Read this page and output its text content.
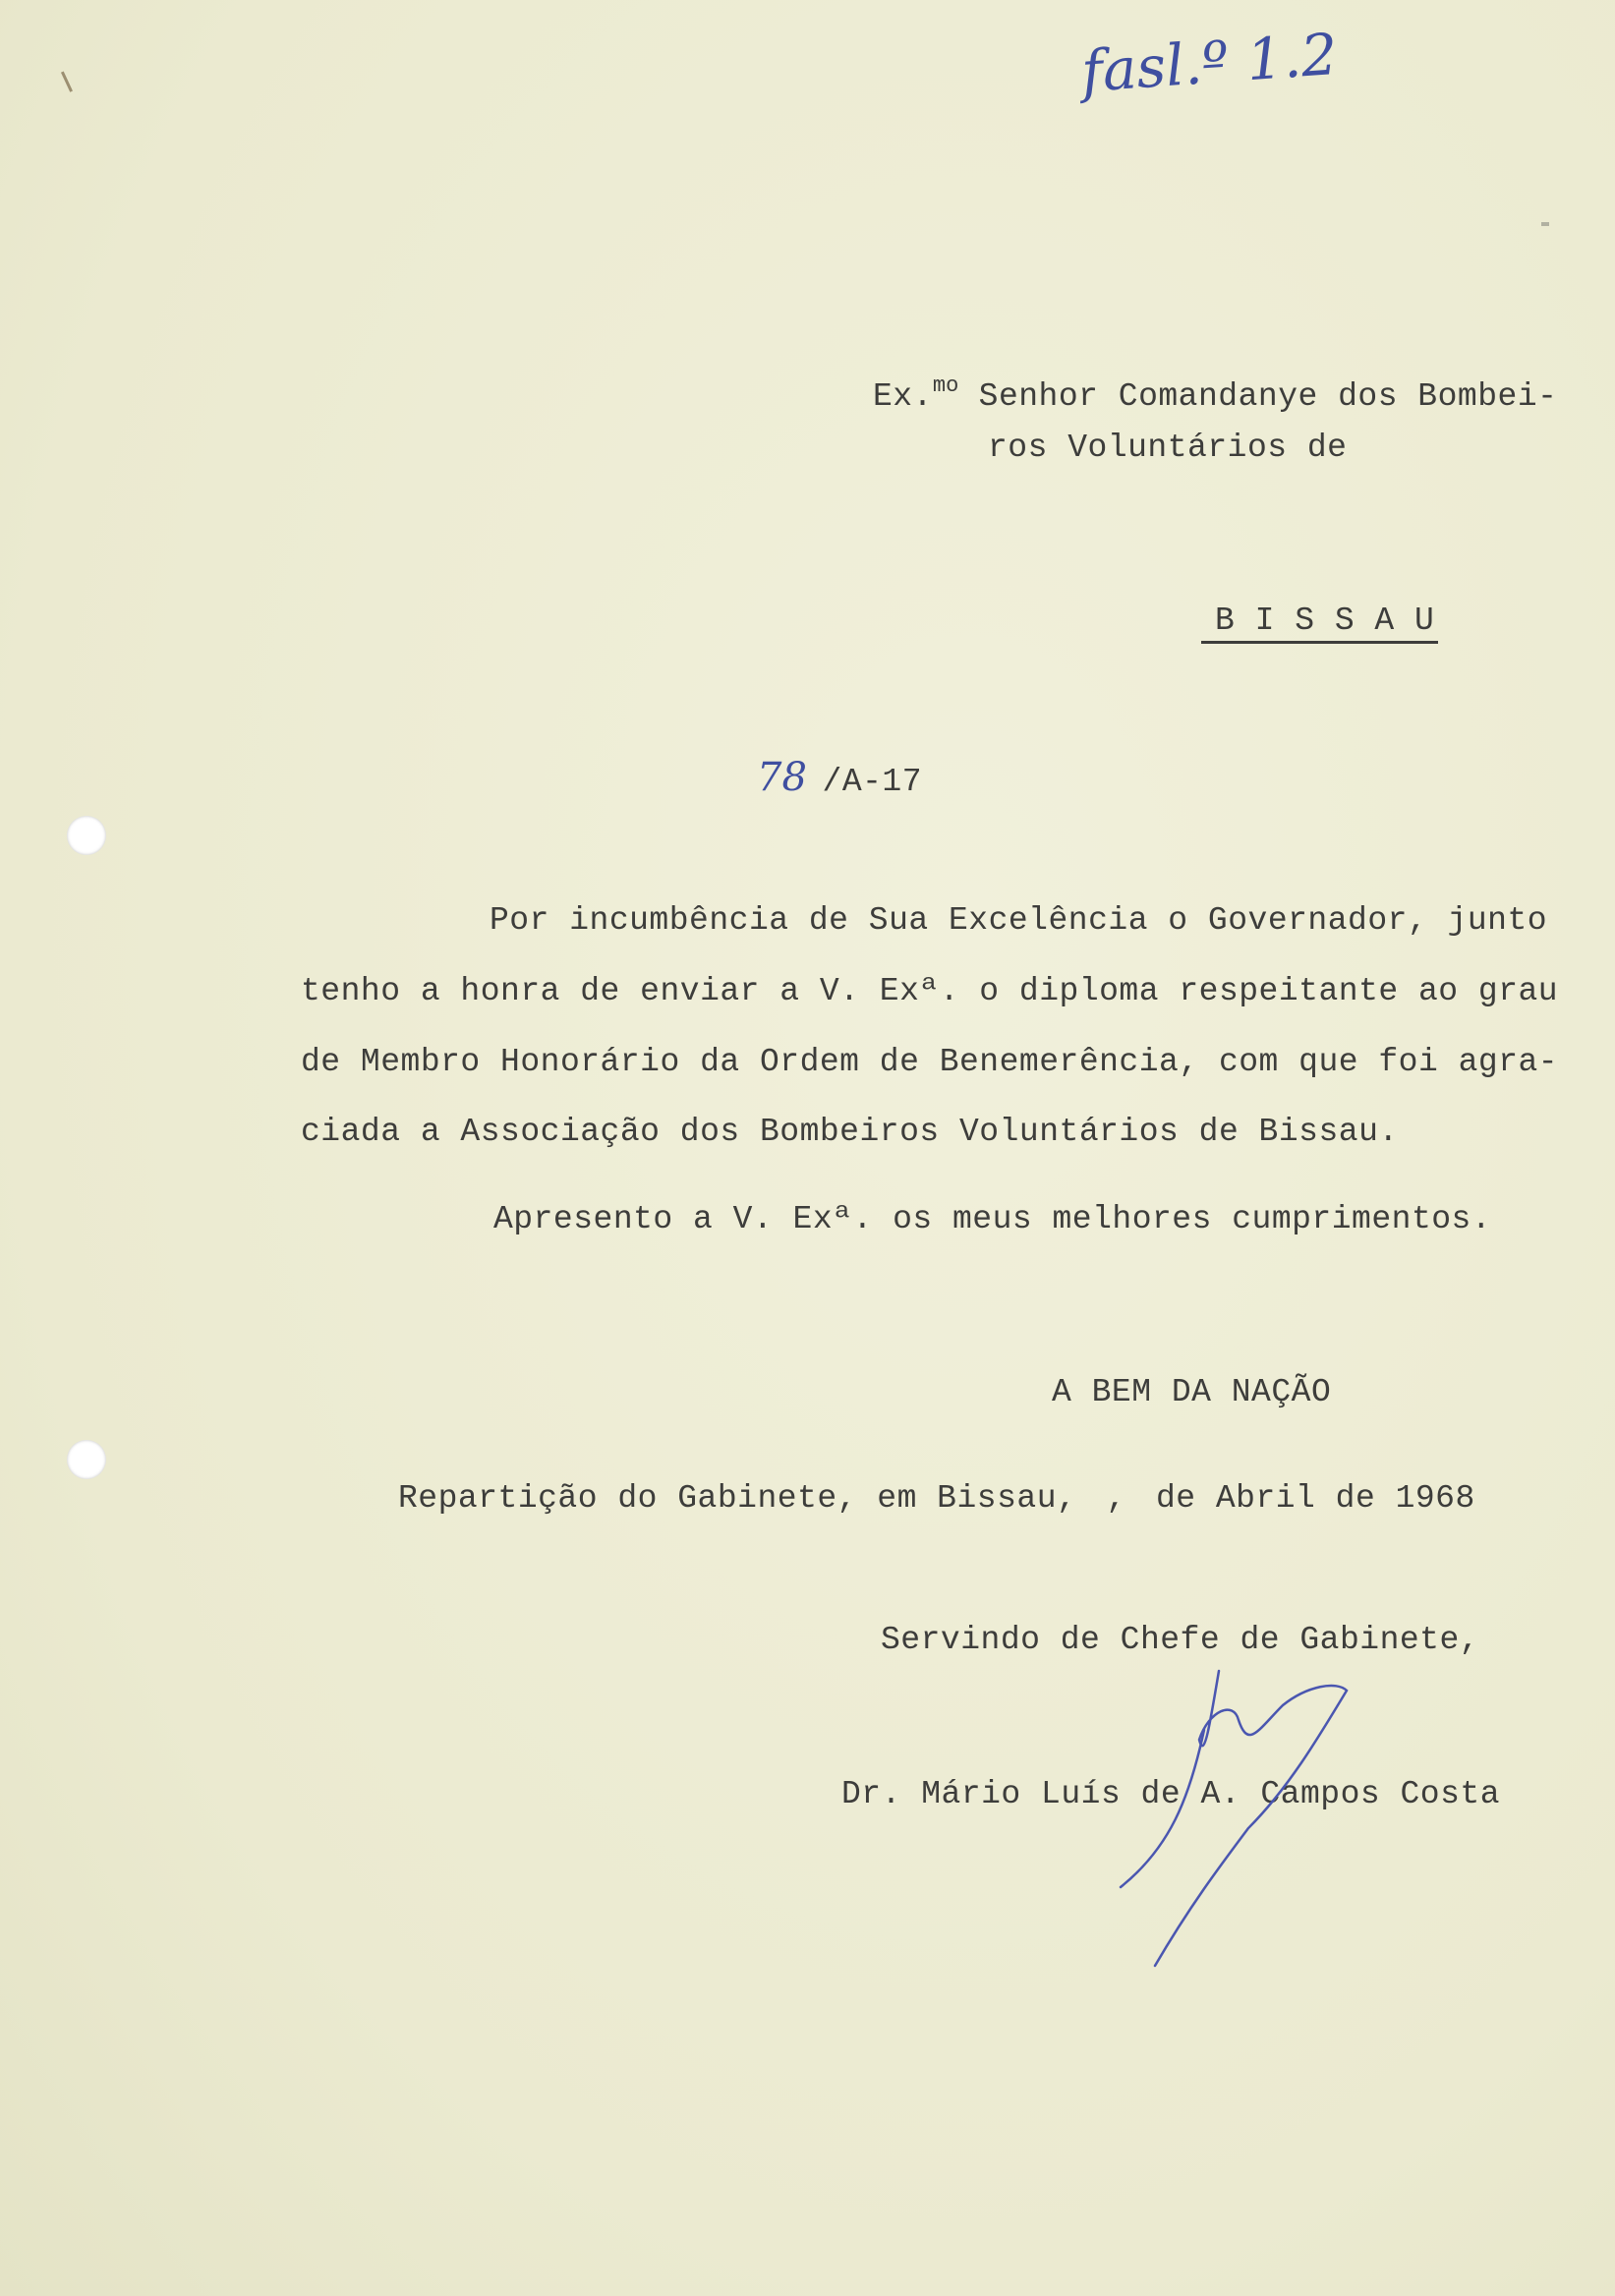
fasl.º 1.2
Ex.$^{mo}$ Senhor Comandanye dos Bombei-
ros Voluntários de
B I S S A U
78 /A-17
Por incumbência de Sua Excelência o Governador, junto
tenho a honra de enviar a V. Exª. o diploma respeitante ao grau
de Membro Honorário da Ordem de Benemerência, com que foi agra-
ciada a Associação dos Bombeiros Voluntários de Bissau.
Apresento a V. Exª. os meus melhores cumprimentos.
A BEM DA NAÇÃO
Repartição do Gabinete, em Bissau, , de Abril de 1968
Servindo de Chefe de Gabinete,
Dr. Mário Luís de A. Campos Costa
